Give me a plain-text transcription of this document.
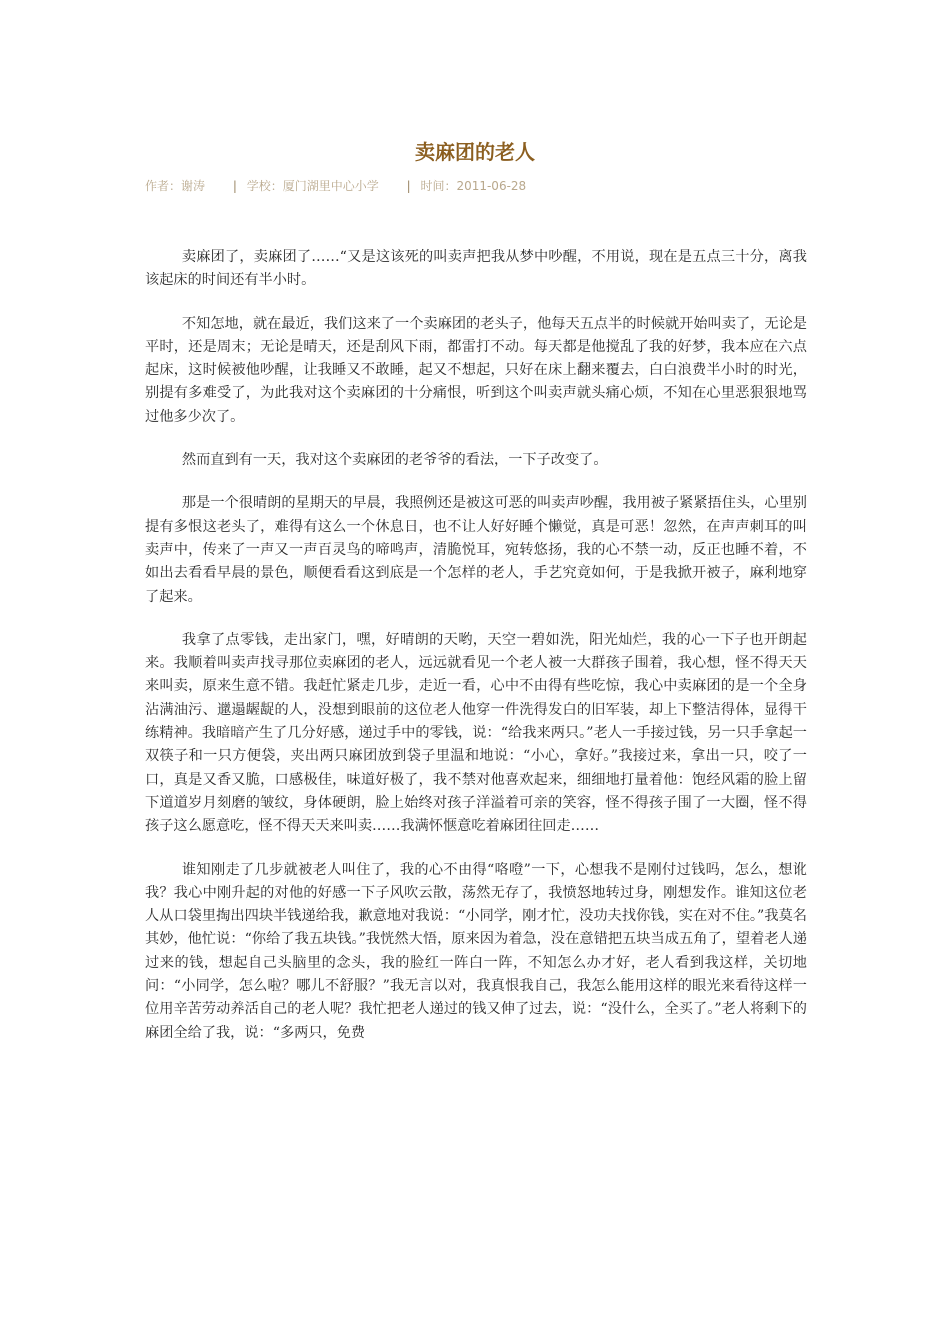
卖麻团的老人
作者：谢涛 | 学校：厦门湖里中心小学 | 时间：2011-06-28

卖麻团了，卖麻团了……“又是这该死的叫卖声把我从梦中吵醒，不用说，现在是五点三十分，离我该起床的时间还有半小时。

不知怎地，就在最近，我们这来了一个卖麻团的老头子，他每天五点半的时候就开始叫卖了，无论是平时，还是周末；无论是晴天，还是刮风下雨，都雷打不动。每天都是他搅乱了我的好梦，我本应在六点起床，这时候被他吵醒，让我睡又不敢睡，起又不想起，只好在床上翻来覆去，白白浪费半小时的时光，别提有多难受了，为此我对这个卖麻团的十分痛恨，听到这个叫卖声就头痛心烦，不知在心里恶狠狠地骂过他多少次了。

然而直到有一天，我对这个卖麻团的老爷爷的看法，一下子改变了。

那是一个很晴朗的星期天的早晨，我照例还是被这可恶的叫卖声吵醒，我用被子紧紧捂住头，心里别提有多恨这老头了，难得有这么一个休息日，也不让人好好睡个懒觉，真是可恶！忽然，在声声刺耳的叫卖声中，传来了一声又一声百灵鸟的啼鸣声，清脆悦耳，宛转悠扬，我的心不禁一动，反正也睡不着，不如出去看看早晨的景色，顺便看看这到底是一个怎样的老人，手艺究竟如何，于是我掀开被子，麻利地穿了起来。

我拿了点零钱，走出家门，嘿，好晴朗的天哟，天空一碧如洗，阳光灿烂，我的心一下子也开朗起来。我顺着叫卖声找寻那位卖麻团的老人，远远就看见一个老人被一大群孩子围着，我心想，怪不得天天来叫卖，原来生意不错。我赶忙紧走几步，走近一看，心中不由得有些吃惊，我心中卖麻团的是一个全身沾满油污、邋遢龌龊的人，没想到眼前的这位老人他穿一件洗得发白的旧军装，却上下整洁得体，显得干练精神。我暗暗产生了几分好感，递过手中的零钱，说：“给我来两只。”老人一手接过钱，另一只手拿起一双筷子和一只方便袋，夹出两只麻团放到袋子里温和地说：“小心，拿好。”我接过来，拿出一只，咬了一口，真是又香又脆，口感极佳，味道好极了，我不禁对他喜欢起来，细细地打量着他：饱经风霜的脸上留下道道岁月刻磨的皱纹，身体硬朗，脸上始终对孩子洋溢着可亲的笑容，怪不得孩子围了一大圈，怪不得孩子这么愿意吃，怪不得天天来叫卖……我满怀惬意吃着麻团往回走……

谁知刚走了几步就被老人叫住了，我的心不由得“咯噔”一下，心想我不是刚付过钱吗，怎么，想讹我？我心中刚升起的对他的好感一下子风吹云散，荡然无存了，我愤怒地转过身，刚想发作。谁知这位老人从口袋里掏出四块半钱递给我，歉意地对我说：“小同学，刚才忙，没功夫找你钱，实在对不住。”我莫名其妙，他忙说：“你给了我五块钱。”我恍然大悟，原来因为着急，没在意错把五块当成五角了，望着老人递过来的钱，想起自己头脑里的念头，我的脸红一阵白一阵，不知怎么办才好，老人看到我这样，关切地问：“小同学，怎么啦？哪儿不舒服？”我无言以对，我真恨我自己，我怎么能用这样的眼光来看待这样一位用辛苦劳动养活自己的老人呢？我忙把老人递过的钱又伸了过去，说：“没什么，全买了。”老人将剩下的麻团全给了我，说：“多两只，免费
